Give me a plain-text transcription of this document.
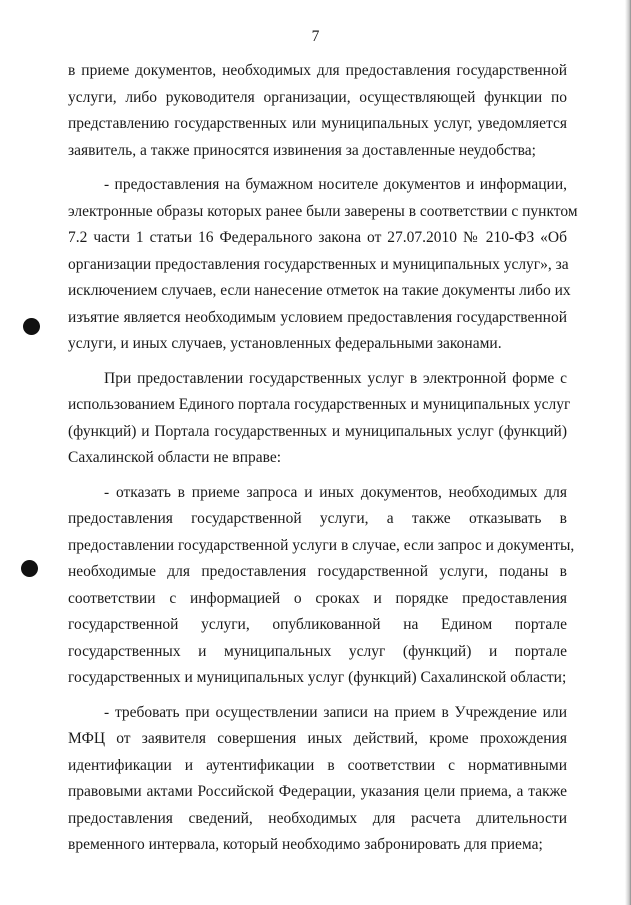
7
в приеме документов, необходимых для предоставления государственной
услуги, либо руководителя организации, осуществляющей функции по
представлению государственных или муниципальных услуг, уведомляется
заявитель, а также приносятся извинения за доставленные неудобства;
- предоставления на бумажном носителе документов и информации,
электронные образы которых ранее были заверены в соответствии с пунктом
7.2 части 1 статьи 16 Федерального закона от 27.07.2010 № 210-ФЗ «Об
организации предоставления государственных и муниципальных услуг», за
исключением случаев, если нанесение отметок на такие документы либо их
изъятие является необходимым условием предоставления государственной
услуги, и иных случаев, установленных федеральными законами.
При предоставлении государственных услуг в электронной форме с
использованием Единого портала государственных и муниципальных услуг
(функций) и Портала государственных и муниципальных услуг (функций)
Сахалинской области не вправе:
- отказать в приеме запроса и иных документов, необходимых для
предоставления государственной услуги, а также отказывать в
предоставлении государственной услуги в случае, если запрос и документы,
необходимые для предоставления государственной услуги, поданы в
соответствии с информацией о сроках и порядке предоставления
государственной услуги, опубликованной на Едином портале
государственных и муниципальных услуг (функций) и портале
государственных и муниципальных услуг (функций) Сахалинской области;
- требовать при осуществлении записи на прием в Учреждение или
МФЦ от заявителя совершения иных действий, кроме прохождения
идентификации и аутентификации в соответствии с нормативными
правовыми актами Российской Федерации, указания цели приема, а также
предоставления сведений, необходимых для расчета длительности
временного интервала, который необходимо забронировать для приема;
